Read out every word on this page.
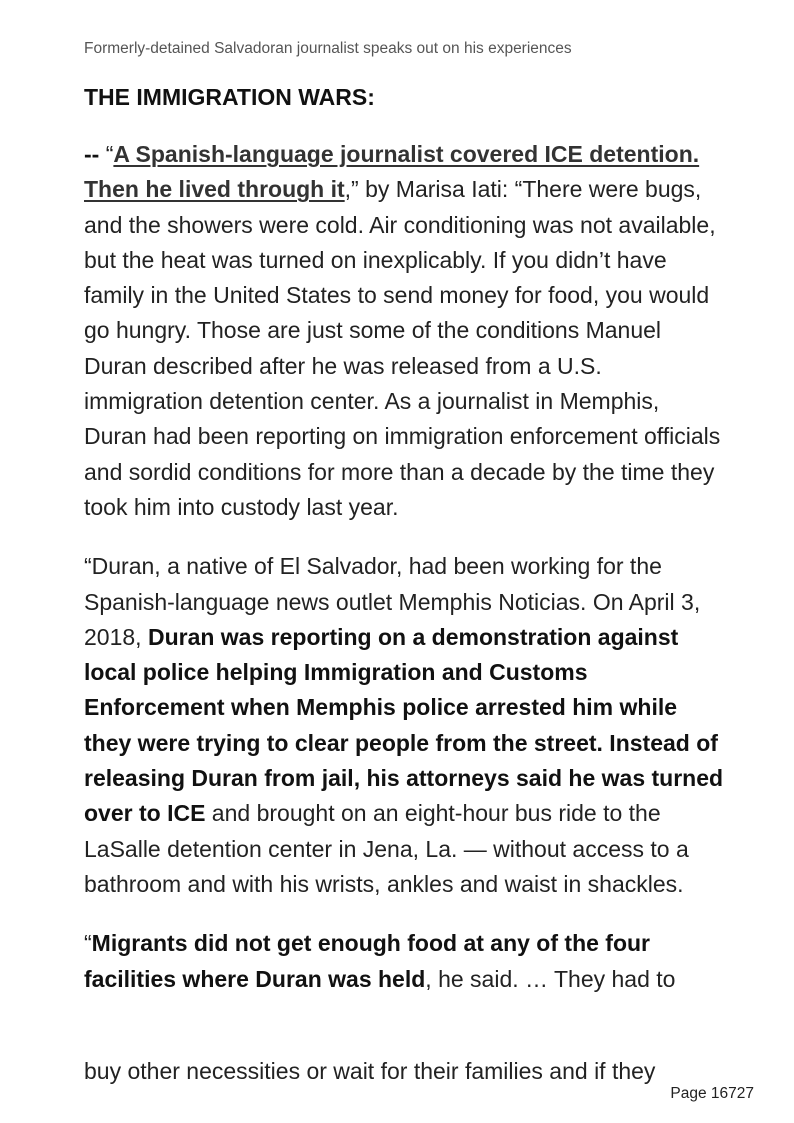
Formerly-detained Salvadoran journalist speaks out on his experiences
THE IMMIGRATION WARS:

-- “A Spanish-language journalist covered ICE detention. Then he lived through it,” by Marisa Iati: “There were bugs, and the showers were cold. Air conditioning was not available, but the heat was turned on inexplicably. If you didn’t have family in the United States to send money for food, you would go hungry. Those are just some of the conditions Manuel Duran described after he was released from a U.S. immigration detention center. As a journalist in Memphis, Duran had been reporting on immigration enforcement officials and sordid conditions for more than a decade by the time they took him into custody last year.

“Duran, a native of El Salvador, had been working for the Spanish-language news outlet Memphis Noticias. On April 3, 2018, Duran was reporting on a demonstration against local police helping Immigration and Customs Enforcement when Memphis police arrested him while they were trying to clear people from the street. Instead of releasing Duran from jail, his attorneys said he was turned over to ICE and brought on an eight-hour bus ride to the LaSalle detention center in Jena, La. — without access to a bathroom and with his wrists, ankles and waist in shackles.

“Migrants did not get enough food at any of the four facilities where Duran was held, he said. … They had to

buy other necessities or wait for their families and if they
Page 16727
